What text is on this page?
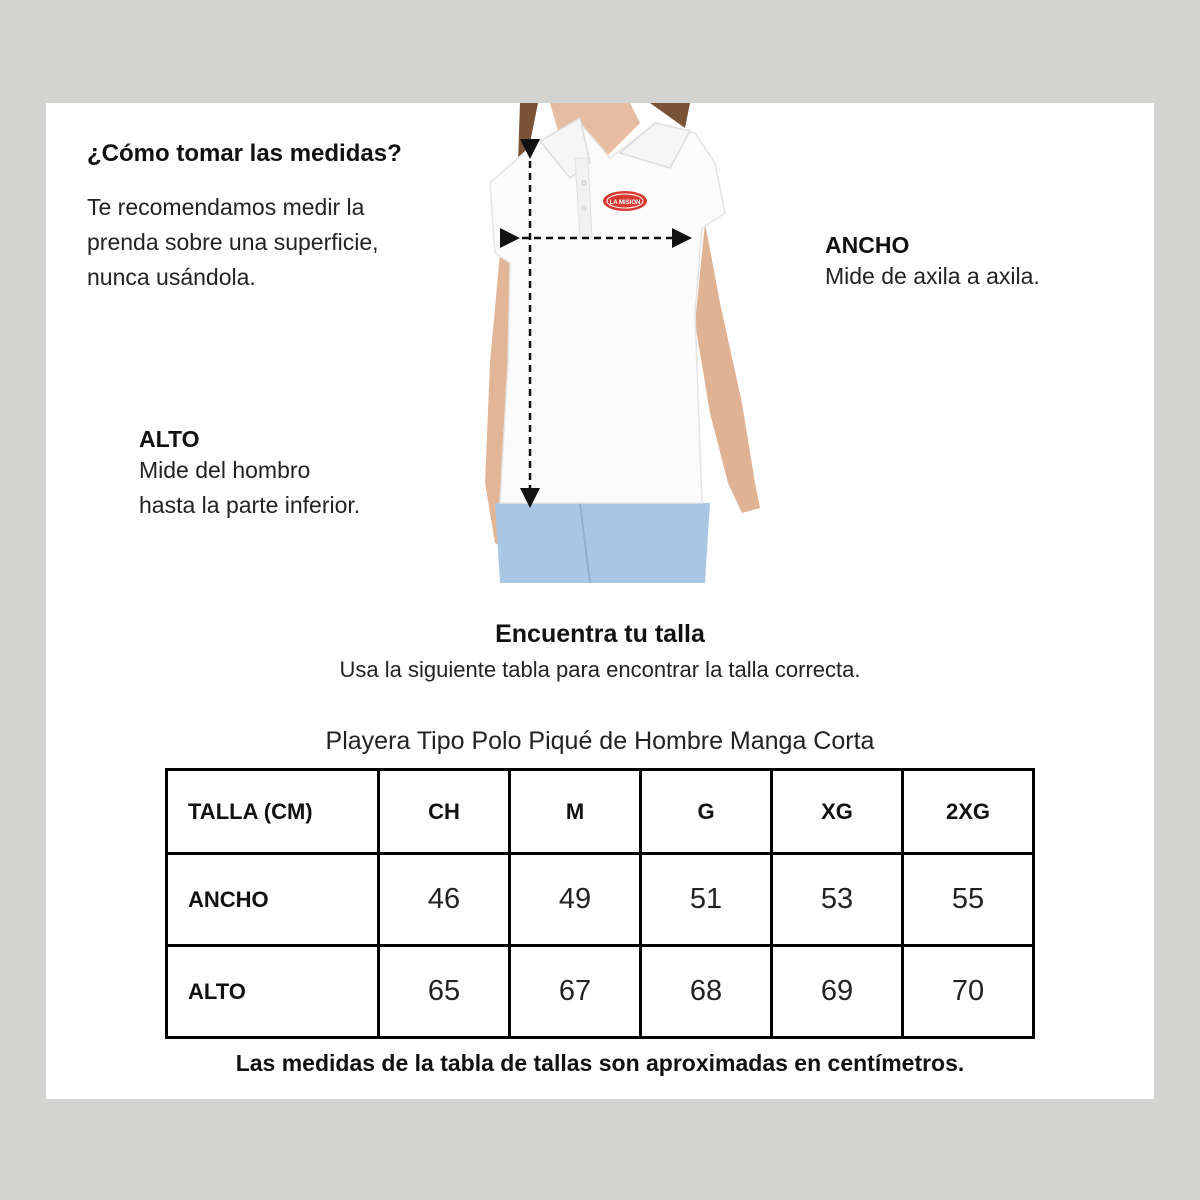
¿Cómo tomar las medidas?
Te recomendamos medir la
prenda sobre una superficie,
nunca usándola.
ANCHO
Mide de axila a axila.
ALTO
Mide del hombro
hasta la parte inferior.
LA MISION
Encuentra tu talla
Usa la siguiente tabla para encontrar la talla correcta.
Playera Tipo Polo Piqué de Hombre Manga Corta
TALLA (CM)	CH	M	G	XG	2XG
ANCHO	46	49	51	53	55
ALTO	65	67	68	69	70
Las medidas de la tabla de tallas son aproximadas en centímetros.
